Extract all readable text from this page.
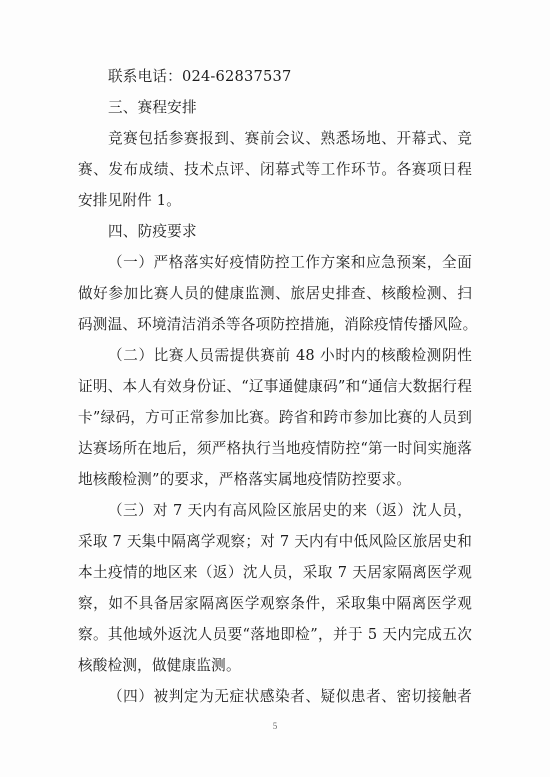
联系电话：024-62837537
三、赛程安排
竞赛包括参赛报到、赛前会议、熟悉场地、开幕式、竞
赛、发布成绩、技术点评、闭幕式等工作环节。各赛项日程
安排见附件 1。
四、防疫要求
（一）严格落实好疫情防控工作方案和应急预案，全面
做好参加比赛人员的健康监测、旅居史排查、核酸检测、扫
码测温、环境清洁消杀等各项防控措施，消除疫情传播风险。
（二）比赛人员需提供赛前 48 小时内的核酸检测阴性
证明、本人有效身份证、“辽事通健康码”和“通信大数据行程
卡”绿码，方可正常参加比赛。跨省和跨市参加比赛的人员到
达赛场所在地后，须严格执行当地疫情防控“第一时间实施落
地核酸检测”的要求，严格落实属地疫情防控要求。
（三）对 7 天内有高风险区旅居史的来（返）沈人员，
采取 7 天集中隔离学观察；对 7 天内有中低风险区旅居史和
本土疫情的地区来（返）沈人员，采取 7 天居家隔离医学观
察，如不具备居家隔离医学观察条件，采取集中隔离医学观
察。其他域外返沈人员要“落地即检”，并于 5 天内完成五次
核酸检测，做健康监测。
（四）被判定为无症状感染者、疑似患者、密切接触者
5
